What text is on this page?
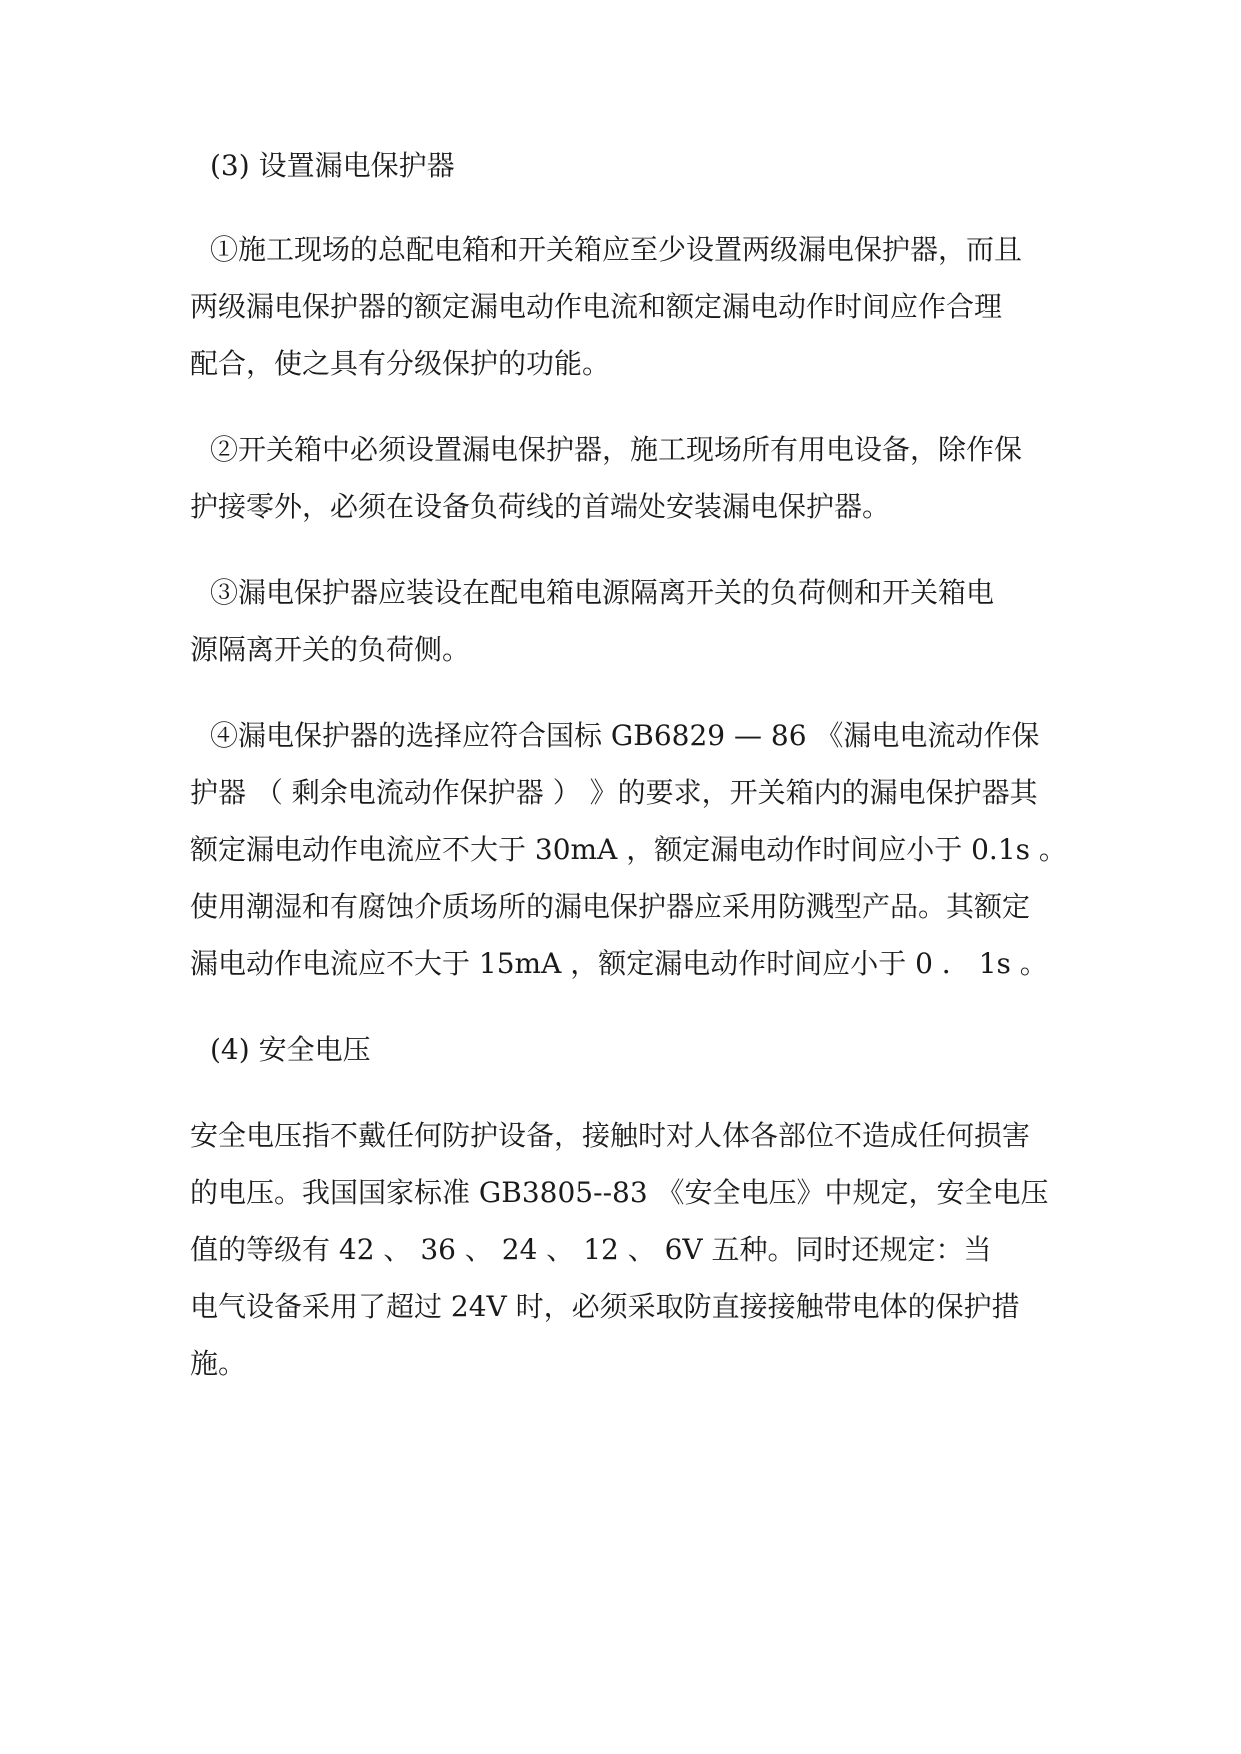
(3) 设置漏电保护器
①施工现场的总配电箱和开关箱应至少设置两级漏电保护器，而且
两级漏电保护器的额定漏电动作电流和额定漏电动作时间应作合理
配合，使之具有分级保护的功能。
②开关箱中必须设置漏电保护器，施工现场所有用电设备，除作保
护接零外，必须在设备负荷线的首端处安装漏电保护器。
③漏电保护器应装设在配电箱电源隔离开关的负荷侧和开关箱电
源隔离开关的负荷侧。
④漏电保护器的选择应符合国标 GB6829 — 86 《漏电电流动作保
护器 （ 剩余电流动作保护器 ） 》的要求，开关箱内的漏电保护器其
额定漏电动作电流应不大于 30mA ，额定漏电动作时间应小于 0.1s 。
使用潮湿和有腐蚀介质场所的漏电保护器应采用防溅型产品。其额定
漏电动作电流应不大于 15mA ，额定漏电动作时间应小于 0 ． 1s 。
(4) 安全电压
安全电压指不戴任何防护设备，接触时对人体各部位不造成任何损害
的电压。我国国家标准 GB3805--83 《安全电压》中规定，安全电压
值的等级有 42 、 36 、 24 、 12 、 6V 五种。同时还规定：当
电气设备采用了超过 24V 时，必须采取防直接接触带电体的保护措
施。
